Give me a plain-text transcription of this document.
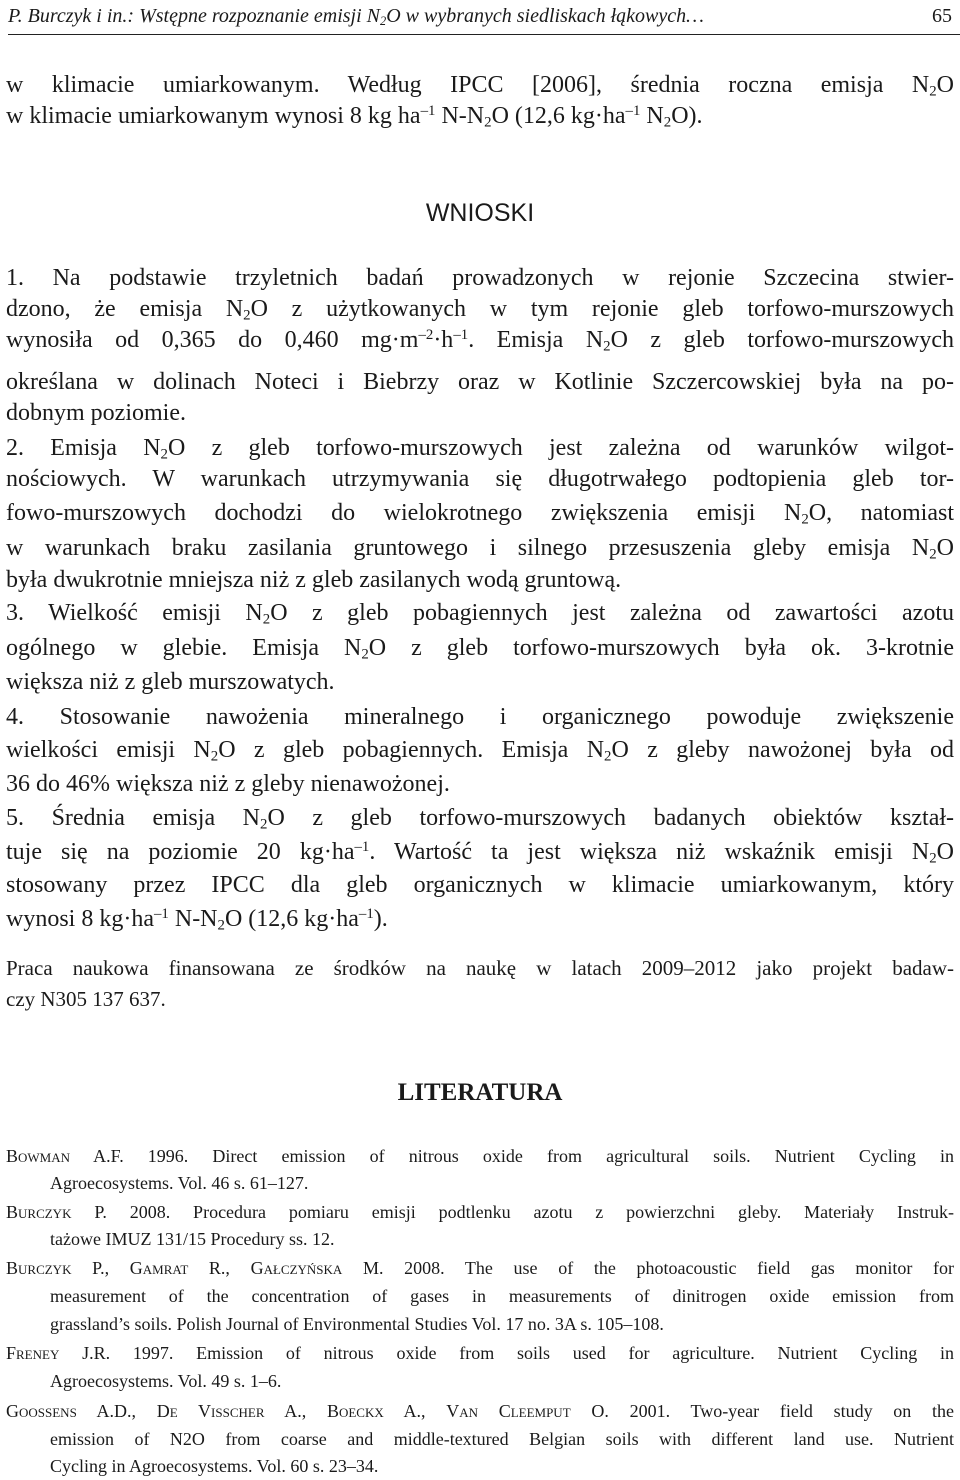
P. Burczyk i in.: Wstępne rozpoznanie emisji $N_2O$ w wybranych siedliskach łąkowych…	65
w klimacie umiarkowanym. Według IPCC [2006], średnia roczna emisja $N_2O$
w klimacie umiarkowanym wynosi 8 kg $ha^{-1}$ $N-N_2O$ (12,6 $kg\cdot ha^{-1}$ $N_2O$).
WNIOSKI
1. Na podstawie trzyletnich badań prowadzonych w rejonie Szczecina stwier-
dzono, że emisja $N_2O$ z użytkowanych w tym rejonie gleb torfowo-murszowych
wynosiła od 0,365 do 0,460 $mg\cdot m^{-2}\cdot h^{-1}$. Emisja $N_2O$ z gleb torfowo-murszowych
określana w dolinach Noteci i Biebrzy oraz w Kotlinie Szczercowskiej była na po-
dobnym poziomie.
2. Emisja $N_2O$ z gleb torfowo-murszowych jest zależna od warunków wilgot-
nościowych. W warunkach utrzymywania się długotrwałego podtopienia gleb tor-
fowo-murszowych dochodzi do wielokrotnego zwiększenia emisji $N_2O$, natomiast
w warunkach braku zasilania gruntowego i silnego przesuszenia gleby emisja $N_2O$
była dwukrotnie mniejsza niż z gleb zasilanych wodą gruntową.
3. Wielkość emisji $N_2O$ z gleb pobagiennych jest zależna od zawartości azotu
ogólnego w glebie. Emisja $N_2O$ z gleb torfowo-murszowych była ok. 3-krotnie
większa niż z gleb murszowatych.
4. Stosowanie nawożenia mineralnego i organicznego powoduje zwiększenie
wielkości emisji $N_2O$ z gleb pobagiennych. Emisja $N_2O$ z gleby nawożonej była od
36 do 46% większa niż z gleby nienawożonej.
5. Średnia emisja $N_2O$ z gleb torfowo-murszowych badanych obiektów kształ-
tuje się na poziomie 20 $kg\cdot ha^{-1}$. Wartość ta jest większa niż wskaźnik emisji $N_2O$
stosowany przez IPCC dla gleb organicznych w klimacie umiarkowanym, który
wynosi 8 $kg\cdot ha^{-1}$ $N-N_2O$ (12,6 $kg\cdot ha^{-1}$).
Praca naukowa finansowana ze środków na naukę w latach 2009–2012 jako projekt badaw-
czy N305 137 637.
LITERATURA
Bowman A.F. 1996. Direct emission of nitrous oxide from agricultural soils. Nutrient Cycling in
Agroecosystems. Vol. 46 s. 61–127.
Burczyk P. 2008. Procedura pomiaru emisji podtlenku azotu z powierzchni gleby. Materiały Instruk-
tażowe IMUZ 131/15 Procedury ss. 12.
Burczyk P., Gamrat R., Gałczyńska M. 2008. The use of the photoacoustic field gas monitor for
measurement of the concentration of gases in measurements of dinitrogen oxide emission from
grassland’s soils. Polish Journal of Environmental Studies Vol. 17 no. 3A s. 105–108.
Freney J.R. 1997. Emission of nitrous oxide from soils used for agriculture. Nutrient Cycling in
Agroecosystems. Vol. 49 s. 1–6.
Goossens A.D., De Visscher A., Boeckx A., Van Cleemput O. 2001. Two-year field study on the
emission of N2O from coarse and middle-textured Belgian soils with different land use. Nutrient
Cycling in Agroecosystems. Vol. 60 s. 23–34.
